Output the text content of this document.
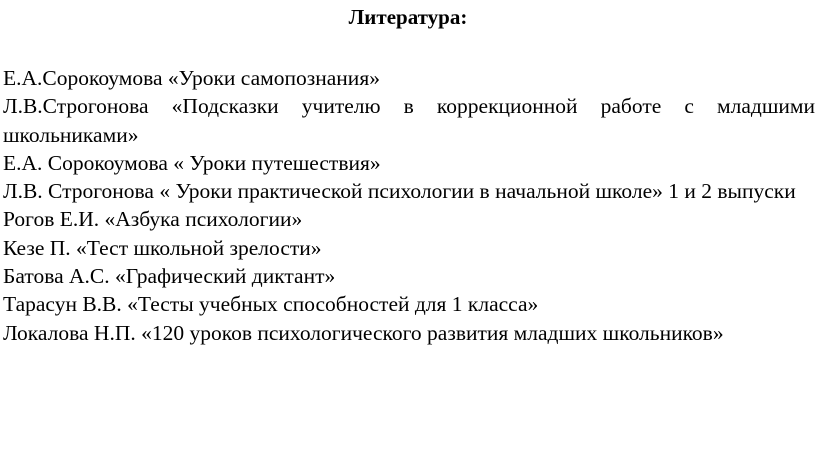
Литература:
Е.А.Сорокоумова «Уроки самопознания»
Л.В.Строгонова «Подсказки учителю в коррекционной работе с младшими школьниками»
Е.А. Сорокоумова « Уроки путешествия»
Л.В. Строгонова « Уроки практической психологии в начальной школе» 1 и 2 выпуски
Рогов Е.И. «Азбука психологии»
Кезе П. «Тест школьной зрелости»
Батова А.С. «Графический диктант»
Тарасун В.В. «Тесты учебных способностей для 1 класса»
Локалова Н.П. «120 уроков психологического развития младших школьников»
